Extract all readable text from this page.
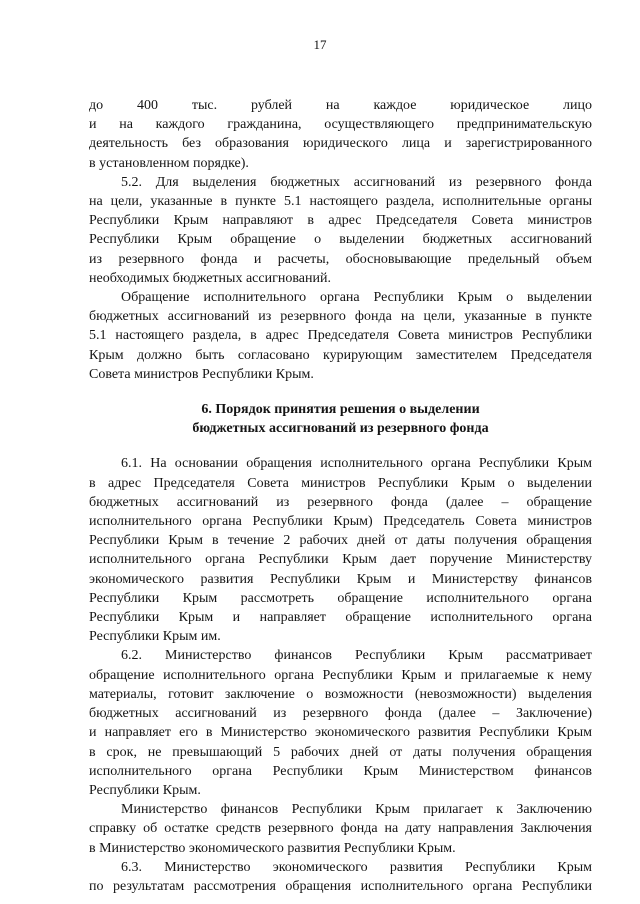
17
до 400 тыс. рублей на каждое юридическое лицо
и на каждого гражданина, осуществляющего предпринимательскую
деятельность без образования юридического лица и зарегистрированного
в установленном порядке).
5.2. Для выделения бюджетных ассигнований из резервного фонда
на цели, указанные в пункте 5.1 настоящего раздела, исполнительные органы
Республики Крым направляют в адрес Председателя Совета министров
Республики Крым обращение о выделении бюджетных ассигнований
из резервного фонда и расчеты, обосновывающие предельный объем
необходимых бюджетных ассигнований.
Обращение исполнительного органа Республики Крым о выделении
бюджетных ассигнований из резервного фонда на цели, указанные в пункте
5.1 настоящего раздела, в адрес Председателя Совета министров Республики
Крым должно быть согласовано курирующим заместителем Председателя
Совета министров Республики Крым.
6. Порядок принятия решения о выделении
бюджетных ассигнований из резервного фонда
6.1. На основании обращения исполнительного органа Республики Крым
в адрес Председателя Совета министров Республики Крым о выделении
бюджетных ассигнований из резервного фонда (далее – обращение
исполнительного органа Республики Крым) Председатель Совета министров
Республики Крым в течение 2 рабочих дней от даты получения обращения
исполнительного органа Республики Крым дает поручение Министерству
экономического развития Республики Крым и Министерству финансов
Республики Крым рассмотреть обращение исполнительного органа
Республики Крым и направляет обращение исполнительного органа
Республики Крым им.
6.2. Министерство финансов Республики Крым рассматривает
обращение исполнительного органа Республики Крым и прилагаемые к нему
материалы, готовит заключение о возможности (невозможности) выделения
бюджетных ассигнований из резервного фонда (далее – Заключение)
и направляет его в Министерство экономического развития Республики Крым
в срок, не превышающий 5 рабочих дней от даты получения обращения
исполнительного органа Республики Крым Министерством финансов
Республики Крым.
Министерство финансов Республики Крым прилагает к Заключению
справку об остатке средств резервного фонда на дату направления Заключения
в Министерство экономического развития Республики Крым.
6.3. Министерство экономического развития Республики Крым
по результатам рассмотрения обращения исполнительного органа Республики
